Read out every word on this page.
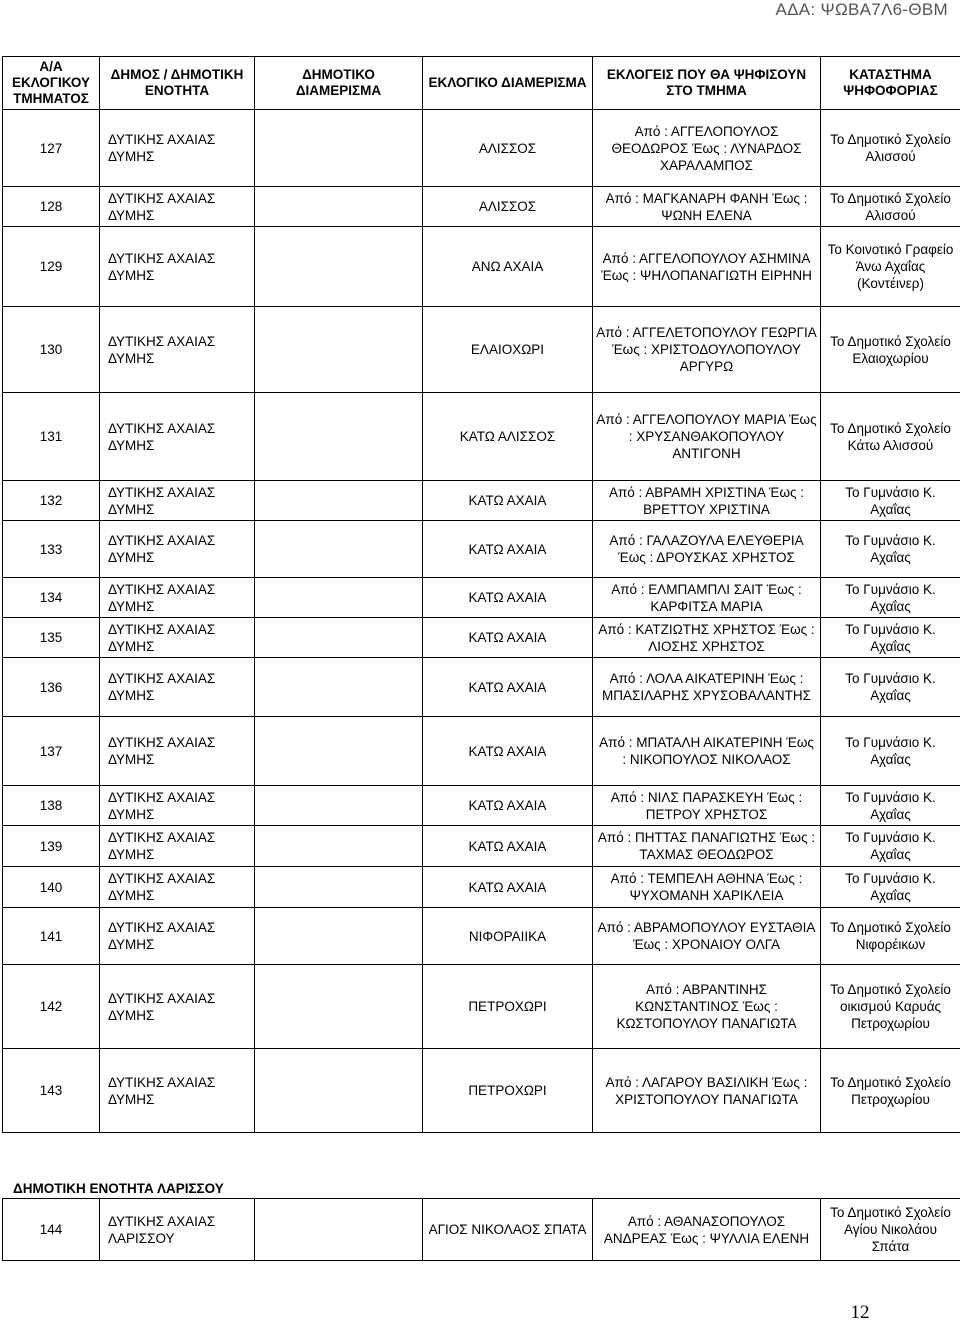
ΑΔΑ: ΨΩΒΑ7Λ6-ΘΒΜ
Α/Α ΕΚΛΟΓΙΚΟΥ ΤΜΗΜΑΤΟΣ	ΔΗΜΟΣ / ΔΗΜΟΤΙΚΗ ΕΝΟΤΗΤΑ	ΔΗΜΟΤΙΚΟ ΔΙΑΜΕΡΙΣΜΑ	ΕΚΛΟΓΙΚΟ ΔΙΑΜΕΡΙΣΜΑ	ΕΚΛΟΓΕΙΣ ΠΟΥ ΘΑ ΨΗΦΙΣΟΥΝ ΣΤΟ ΤΜΗΜΑ	ΚΑΤΑΣΤΗΜΑ ΨΗΦΟΦΟΡΙΑΣ
127	ΔΥΤΙΚΗΣ ΑΧΑΙΑΣ ΔΥΜΗΣ		ΑΛΙΣΣΟΣ	Από : ΑΓΓΕΛΟΠΟΥΛΟΣ ΘΕΟΔΩΡΟΣ Έως : ΛΥΝΑΡΔΟΣ ΧΑΡΑΛΑΜΠΟΣ	Το Δημοτικό Σχολείο Αλισσού
128	ΔΥΤΙΚΗΣ ΑΧΑΙΑΣ ΔΥΜΗΣ		ΑΛΙΣΣΟΣ	Από : ΜΑΓΚΑΝΑΡΗ ΦΑΝΗ Έως : ΨΩΝΗ ΕΛΕΝΑ	Το Δημοτικό Σχολείο Αλισσού
129	ΔΥΤΙΚΗΣ ΑΧΑΙΑΣ ΔΥΜΗΣ		ΑΝΩ ΑΧΑΙΑ	Από : ΑΓΓΕΛΟΠΟΥΛΟΥ ΑΣΗΜΙΝΑ Έως : ΨΗΛΟΠΑΝΑΓΙΩΤΗ ΕΙΡΗΝΗ	Το Κοινοτικό Γραφείο Άνω Αχαΐας (Κοντέινερ)
130	ΔΥΤΙΚΗΣ ΑΧΑΙΑΣ ΔΥΜΗΣ		ΕΛΑΙΟΧΩΡΙ	Από : ΑΓΓΕΛΕΤΟΠΟΥΛΟΥ ΓΕΩΡΓΙΑ Έως : ΧΡΙΣΤΟΔΟΥΛΟΠΟΥΛΟΥ ΑΡΓΥΡΩ	Το Δημοτικό Σχολείο Ελαιοχωρίου
131	ΔΥΤΙΚΗΣ ΑΧΑΙΑΣ ΔΥΜΗΣ		ΚΑΤΩ ΑΛΙΣΣΟΣ	Από : ΑΓΓΕΛΟΠΟΥΛΟΥ ΜΑΡΙΑ Έως : ΧΡΥΣΑΝΘΑΚΟΠΟΥΛΟΥ ΑΝΤΙΓΟΝΗ	Το Δημοτικό Σχολείο Κάτω Αλισσού
132	ΔΥΤΙΚΗΣ ΑΧΑΙΑΣ ΔΥΜΗΣ		ΚΑΤΩ ΑΧΑΙΑ	Από : ΑΒΡΑΜΗ ΧΡΙΣΤΙΝΑ Έως : ΒΡΕΤΤΟΥ ΧΡΙΣΤΙΝΑ	Το Γυμνάσιο Κ. Αχαΐας
133	ΔΥΤΙΚΗΣ ΑΧΑΙΑΣ ΔΥΜΗΣ		ΚΑΤΩ ΑΧΑΙΑ	Από : ΓΑΛΑΖΟΥΛΑ ΕΛΕΥΘΕΡΙΑ Έως : ΔΡΟΥΣΚΑΣ ΧΡΗΣΤΟΣ	Το Γυμνάσιο Κ. Αχαΐας
134	ΔΥΤΙΚΗΣ ΑΧΑΙΑΣ ΔΥΜΗΣ		ΚΑΤΩ ΑΧΑΙΑ	Από : ΕΛΜΠΑΜΠΛΙ ΣΑΙΤ Έως : ΚΑΡΦΙΤΣΑ ΜΑΡΙΑ	Το Γυμνάσιο Κ. Αχαΐας
135	ΔΥΤΙΚΗΣ ΑΧΑΙΑΣ ΔΥΜΗΣ		ΚΑΤΩ ΑΧΑΙΑ	Από : ΚΑΤΖΙΩΤΗΣ ΧΡΗΣΤΟΣ Έως : ΛΙΟΣΗΣ ΧΡΗΣΤΟΣ	Το Γυμνάσιο Κ. Αχαΐας
136	ΔΥΤΙΚΗΣ ΑΧΑΙΑΣ ΔΥΜΗΣ		ΚΑΤΩ ΑΧΑΙΑ	Από : ΛΟΛΑ ΑΙΚΑΤΕΡΙΝΗ Έως : ΜΠΑΣΙΛΑΡΗΣ ΧΡΥΣΟΒΑΛΑΝΤΗΣ	Το Γυμνάσιο Κ. Αχαΐας
137	ΔΥΤΙΚΗΣ ΑΧΑΙΑΣ ΔΥΜΗΣ		ΚΑΤΩ ΑΧΑΙΑ	Από : ΜΠΑΤΑΛΗ ΑΙΚΑΤΕΡΙΝΗ Έως : ΝΙΚΟΠΟΥΛΟΣ ΝΙΚΟΛΑΟΣ	Το Γυμνάσιο Κ. Αχαΐας
138	ΔΥΤΙΚΗΣ ΑΧΑΙΑΣ ΔΥΜΗΣ		ΚΑΤΩ ΑΧΑΙΑ	Από : ΝΙΛΣ ΠΑΡΑΣΚΕΥΗ Έως : ΠΕΤΡΟΥ ΧΡΗΣΤΟΣ	Το Γυμνάσιο Κ. Αχαΐας
139	ΔΥΤΙΚΗΣ ΑΧΑΙΑΣ ΔΥΜΗΣ		ΚΑΤΩ ΑΧΑΙΑ	Από : ΠΗΤΤΑΣ ΠΑΝΑΓΙΩΤΗΣ Έως : ΤΑΧΜΑΣ ΘΕΟΔΩΡΟΣ	Το Γυμνάσιο Κ. Αχαΐας
140	ΔΥΤΙΚΗΣ ΑΧΑΙΑΣ ΔΥΜΗΣ		ΚΑΤΩ ΑΧΑΙΑ	Από : ΤΕΜΠΕΛΗ ΑΘΗΝΑ Έως : ΨΥΧΟΜΑΝΗ ΧΑΡΙΚΛΕΙΑ	Το Γυμνάσιο Κ. Αχαΐας
141	ΔΥΤΙΚΗΣ ΑΧΑΙΑΣ ΔΥΜΗΣ		ΝΙΦΟΡΑΙΙΚΑ	Από : ΑΒΡΑΜΟΠΟΥΛΟΥ ΕΥΣΤΑΘΙΑ Έως : ΧΡΟΝΑΙΟΥ ΟΛΓΑ	Το Δημοτικό Σχολείο Νιφορέικων
142	ΔΥΤΙΚΗΣ ΑΧΑΙΑΣ ΔΥΜΗΣ		ΠΕΤΡΟΧΩΡΙ	Από : ΑΒΡΑΝΤΙΝΗΣ ΚΩΝΣΤΑΝΤΙΝΟΣ Έως : ΚΩΣΤΟΠΟΥΛΟΥ ΠΑΝΑΓΙΩΤΑ	Το Δημοτικό Σχολείο οικισμού Καρυάς Πετροχωρίου
143	ΔΥΤΙΚΗΣ ΑΧΑΙΑΣ ΔΥΜΗΣ		ΠΕΤΡΟΧΩΡΙ	Από : ΛΑΓΑΡΟΥ ΒΑΣΙΛΙΚΗ Έως : ΧΡΙΣΤΟΠΟΥΛΟΥ ΠΑΝΑΓΙΩΤΑ	Το Δημοτικό Σχολείο Πετροχωρίου
ΔΗΜΟΤΙΚΗ ΕΝΟΤΗΤΑ ΛΑΡΙΣΣΟΥ
144	ΔΥΤΙΚΗΣ ΑΧΑΙΑΣ ΛΑΡΙΣΣΟΥ		ΑΓΙΟΣ ΝΙΚΟΛΑΟΣ ΣΠΑΤΑ	Από : ΑΘΑΝΑΣΟΠΟΥΛΟΣ ΑΝΔΡΕΑΣ Έως : ΨΥΛΛΙΑ ΕΛΕΝΗ	Το Δημοτικό Σχολείο Αγίου Νικολάου Σπάτα
12
